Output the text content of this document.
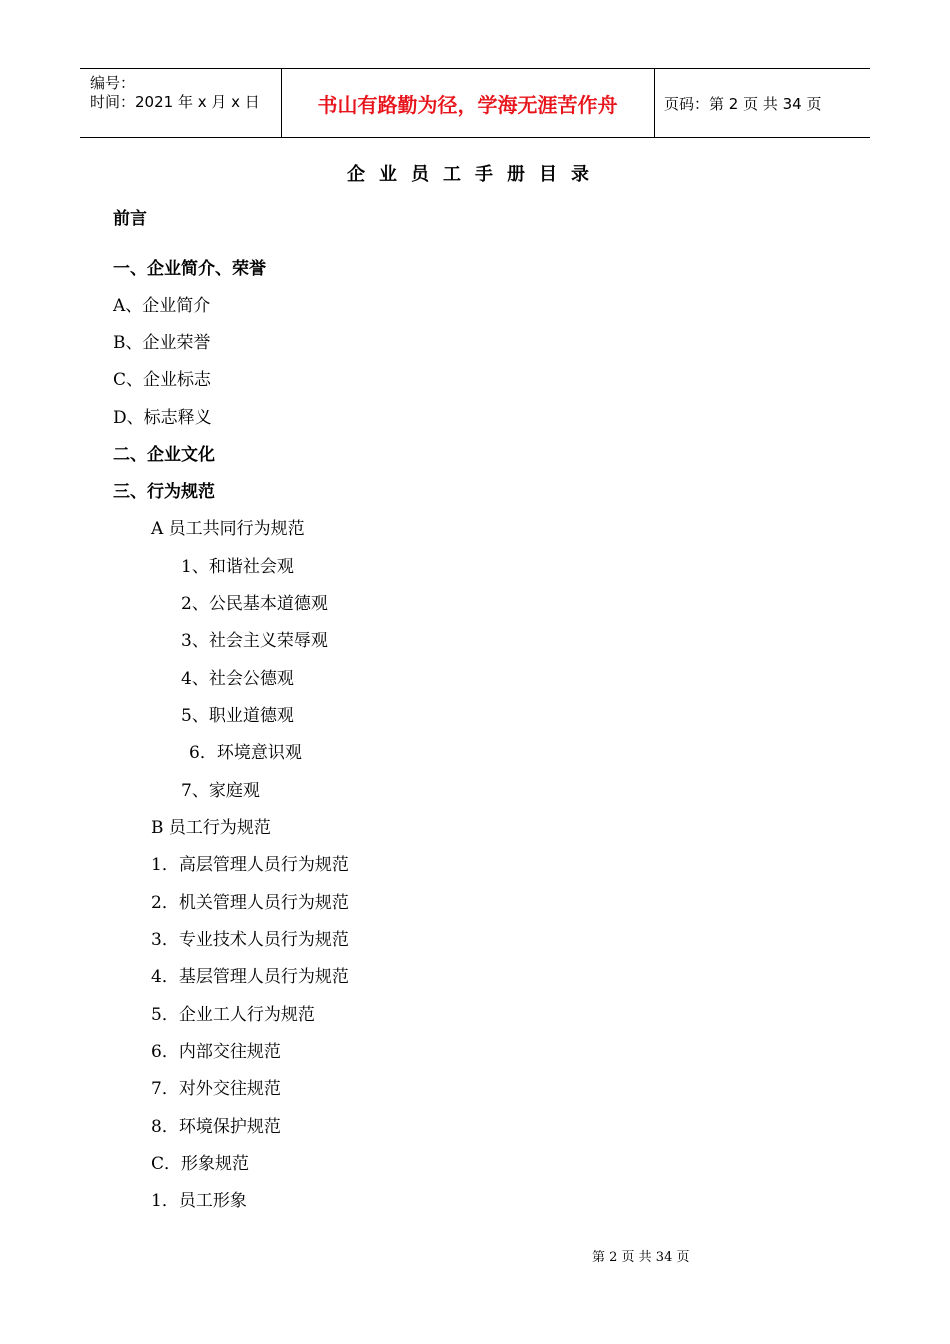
编号：
时间：2021 年 x 月 x 日	书山有路勤为径，学海无涯苦作舟	页码：第 2 页 共 34 页
企业员工手册目录
前言
一、企业简介、荣誉
A、企业简介
B、企业荣誉
C、企业标志
D、标志释义
二、企业文化
三、行为规范
A 员工共同行为规范
1、和谐社会观
2、公民基本道德观
3、社会主义荣辱观
4、社会公德观
5、职业道德观
6．环境意识观
7、家庭观
B 员工行为规范
1．高层管理人员行为规范
2．机关管理人员行为规范
3．专业技术人员行为规范
4．基层管理人员行为规范
5．企业工人行为规范
6．内部交往规范
7．对外交往规范
8．环境保护规范
C．形象规范
1．员工形象
第 2 页 共 34 页
